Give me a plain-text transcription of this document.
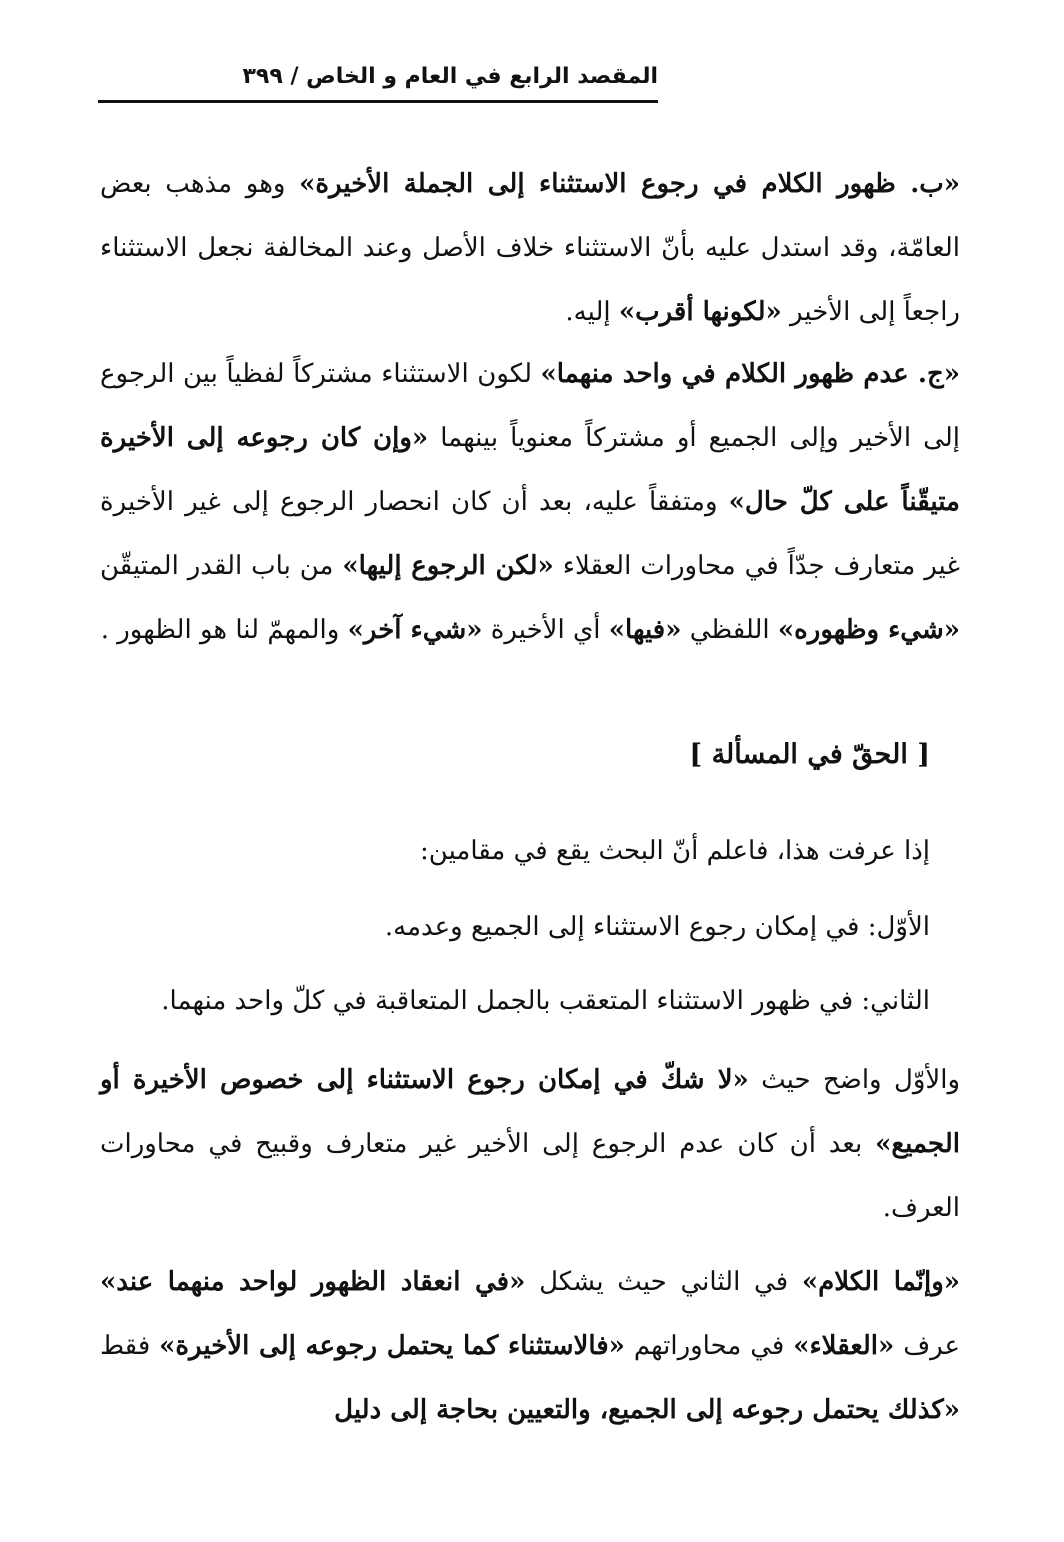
المقصد الرابع في العام و الخاص / ٣٩٩

«ب. ظهور الكلام في رجوع الاستثناء إلى الجملة الأخيرة» وهو مذهب بعض العامّة، وقد استدل عليه بأنّ الاستثناء خلاف الأصل وعند المخالفة نجعل الاستثناء راجعاً إلى الأخير «لكونها أقرب» إليه.

«ج. عدم ظهور الكلام في واحد منهما» لكون الاستثناء مشتركاً لفظياً بين الرجوع إلى الأخير وإلى الجميع أو مشتركاً معنوياً بينهما «وإن كان رجوعه إلى الأخيرة متيقّناً على كلّ حال» ومتفقاً عليه، بعد أن كان انحصار الرجوع إلى غير الأخيرة غير متعارف جدّاً في محاورات العقلاء «لكن الرجوع إليها» من باب القدر المتيقّن «شيء وظهوره» اللفظي «فيها» أي الأخيرة «شيء آخر» والمهمّ لنا هو الظهور .

[ الحقّ في المسألة ]
إذا عرفت هذا، فاعلم أنّ البحث يقع في مقامين:
الأوّل: في إمكان رجوع الاستثناء إلى الجميع وعدمه.
الثاني: في ظهور الاستثناء المتعقب بالجمل المتعاقبة في كلّ واحد منهما.

والأوّل واضح حيث «لا شكّ في إمكان رجوع الاستثناء إلى خصوص الأخيرة أو الجميع» بعد أن كان عدم الرجوع إلى الأخير غير متعارف وقبيح في محاورات العرف.

«وإنّما الكلام» في الثاني حيث يشكل «في انعقاد الظهور لواحد منهما عند» عرف «العقلاء» في محاوراتهم «فالاستثناء كما يحتمل رجوعه إلى الأخيرة» فقط «كذلك يحتمل رجوعه إلى الجميع، والتعيين بحاجة إلى دليل
